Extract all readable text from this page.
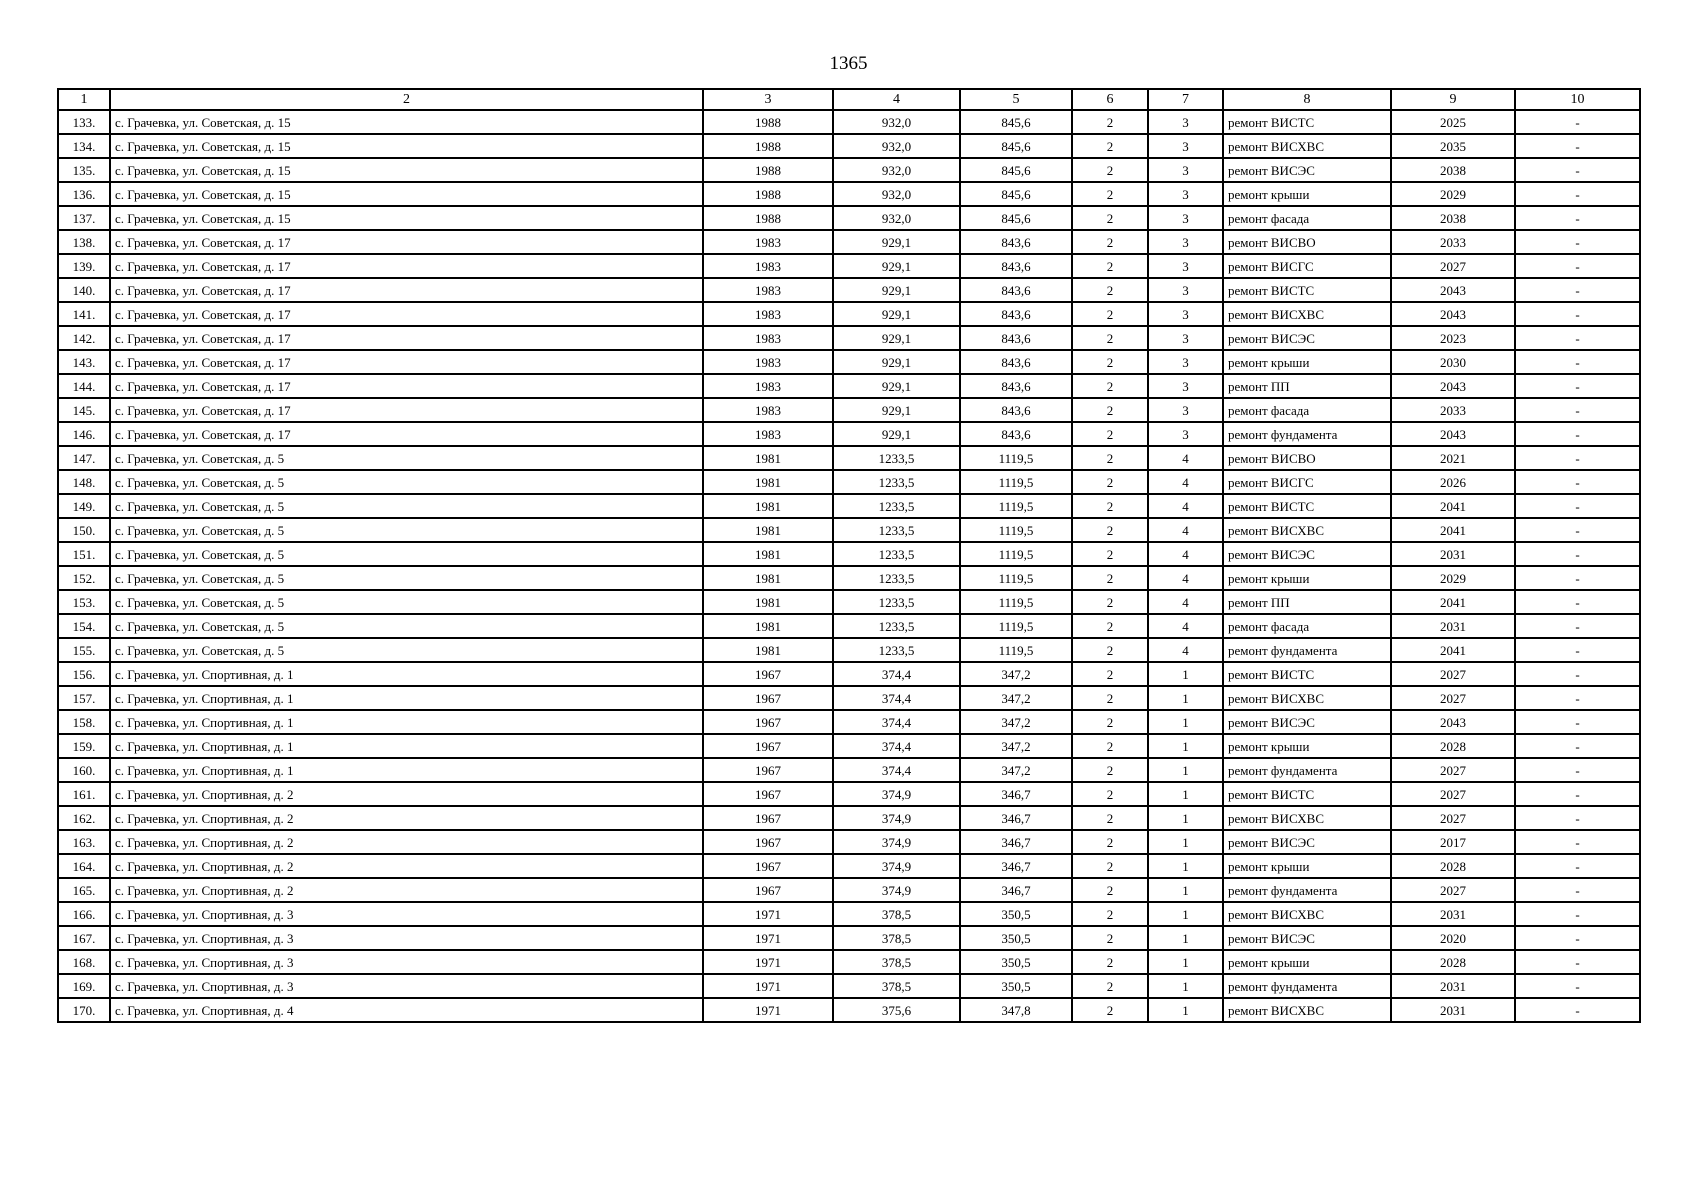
1365
1	2	3	4	5	6	7	8	9	10
133.	с. Грачевка, ул. Советская, д. 15	1988	932,0	845,6	2	3	ремонт ВИСТС	2025	-
134.	с. Грачевка, ул. Советская, д. 15	1988	932,0	845,6	2	3	ремонт ВИСХВС	2035	-
135.	с. Грачевка, ул. Советская, д. 15	1988	932,0	845,6	2	3	ремонт ВИСЭС	2038	-
136.	с. Грачевка, ул. Советская, д. 15	1988	932,0	845,6	2	3	ремонт крыши	2029	-
137.	с. Грачевка, ул. Советская, д. 15	1988	932,0	845,6	2	3	ремонт фасада	2038	-
138.	с. Грачевка, ул. Советская, д. 17	1983	929,1	843,6	2	3	ремонт ВИСВО	2033	-
139.	с. Грачевка, ул. Советская, д. 17	1983	929,1	843,6	2	3	ремонт ВИСГС	2027	-
140.	с. Грачевка, ул. Советская, д. 17	1983	929,1	843,6	2	3	ремонт ВИСТС	2043	-
141.	с. Грачевка, ул. Советская, д. 17	1983	929,1	843,6	2	3	ремонт ВИСХВС	2043	-
142.	с. Грачевка, ул. Советская, д. 17	1983	929,1	843,6	2	3	ремонт ВИСЭС	2023	-
143.	с. Грачевка, ул. Советская, д. 17	1983	929,1	843,6	2	3	ремонт крыши	2030	-
144.	с. Грачевка, ул. Советская, д. 17	1983	929,1	843,6	2	3	ремонт ПП	2043	-
145.	с. Грачевка, ул. Советская, д. 17	1983	929,1	843,6	2	3	ремонт фасада	2033	-
146.	с. Грачевка, ул. Советская, д. 17	1983	929,1	843,6	2	3	ремонт фундамента	2043	-
147.	с. Грачевка, ул. Советская, д. 5	1981	1233,5	1119,5	2	4	ремонт ВИСВО	2021	-
148.	с. Грачевка, ул. Советская, д. 5	1981	1233,5	1119,5	2	4	ремонт ВИСГС	2026	-
149.	с. Грачевка, ул. Советская, д. 5	1981	1233,5	1119,5	2	4	ремонт ВИСТС	2041	-
150.	с. Грачевка, ул. Советская, д. 5	1981	1233,5	1119,5	2	4	ремонт ВИСХВС	2041	-
151.	с. Грачевка, ул. Советская, д. 5	1981	1233,5	1119,5	2	4	ремонт ВИСЭС	2031	-
152.	с. Грачевка, ул. Советская, д. 5	1981	1233,5	1119,5	2	4	ремонт крыши	2029	-
153.	с. Грачевка, ул. Советская, д. 5	1981	1233,5	1119,5	2	4	ремонт ПП	2041	-
154.	с. Грачевка, ул. Советская, д. 5	1981	1233,5	1119,5	2	4	ремонт фасада	2031	-
155.	с. Грачевка, ул. Советская, д. 5	1981	1233,5	1119,5	2	4	ремонт фундамента	2041	-
156.	с. Грачевка, ул. Спортивная, д. 1	1967	374,4	347,2	2	1	ремонт ВИСТС	2027	-
157.	с. Грачевка, ул. Спортивная, д. 1	1967	374,4	347,2	2	1	ремонт ВИСХВС	2027	-
158.	с. Грачевка, ул. Спортивная, д. 1	1967	374,4	347,2	2	1	ремонт ВИСЭС	2043	-
159.	с. Грачевка, ул. Спортивная, д. 1	1967	374,4	347,2	2	1	ремонт крыши	2028	-
160.	с. Грачевка, ул. Спортивная, д. 1	1967	374,4	347,2	2	1	ремонт фундамента	2027	-
161.	с. Грачевка, ул. Спортивная, д. 2	1967	374,9	346,7	2	1	ремонт ВИСТС	2027	-
162.	с. Грачевка, ул. Спортивная, д. 2	1967	374,9	346,7	2	1	ремонт ВИСХВС	2027	-
163.	с. Грачевка, ул. Спортивная, д. 2	1967	374,9	346,7	2	1	ремонт ВИСЭС	2017	-
164.	с. Грачевка, ул. Спортивная, д. 2	1967	374,9	346,7	2	1	ремонт крыши	2028	-
165.	с. Грачевка, ул. Спортивная, д. 2	1967	374,9	346,7	2	1	ремонт фундамента	2027	-
166.	с. Грачевка, ул. Спортивная, д. 3	1971	378,5	350,5	2	1	ремонт ВИСХВС	2031	-
167.	с. Грачевка, ул. Спортивная, д. 3	1971	378,5	350,5	2	1	ремонт ВИСЭС	2020	-
168.	с. Грачевка, ул. Спортивная, д. 3	1971	378,5	350,5	2	1	ремонт крыши	2028	-
169.	с. Грачевка, ул. Спортивная, д. 3	1971	378,5	350,5	2	1	ремонт фундамента	2031	-
170.	с. Грачевка, ул. Спортивная, д. 4	1971	375,6	347,8	2	1	ремонт ВИСХВС	2031	-
